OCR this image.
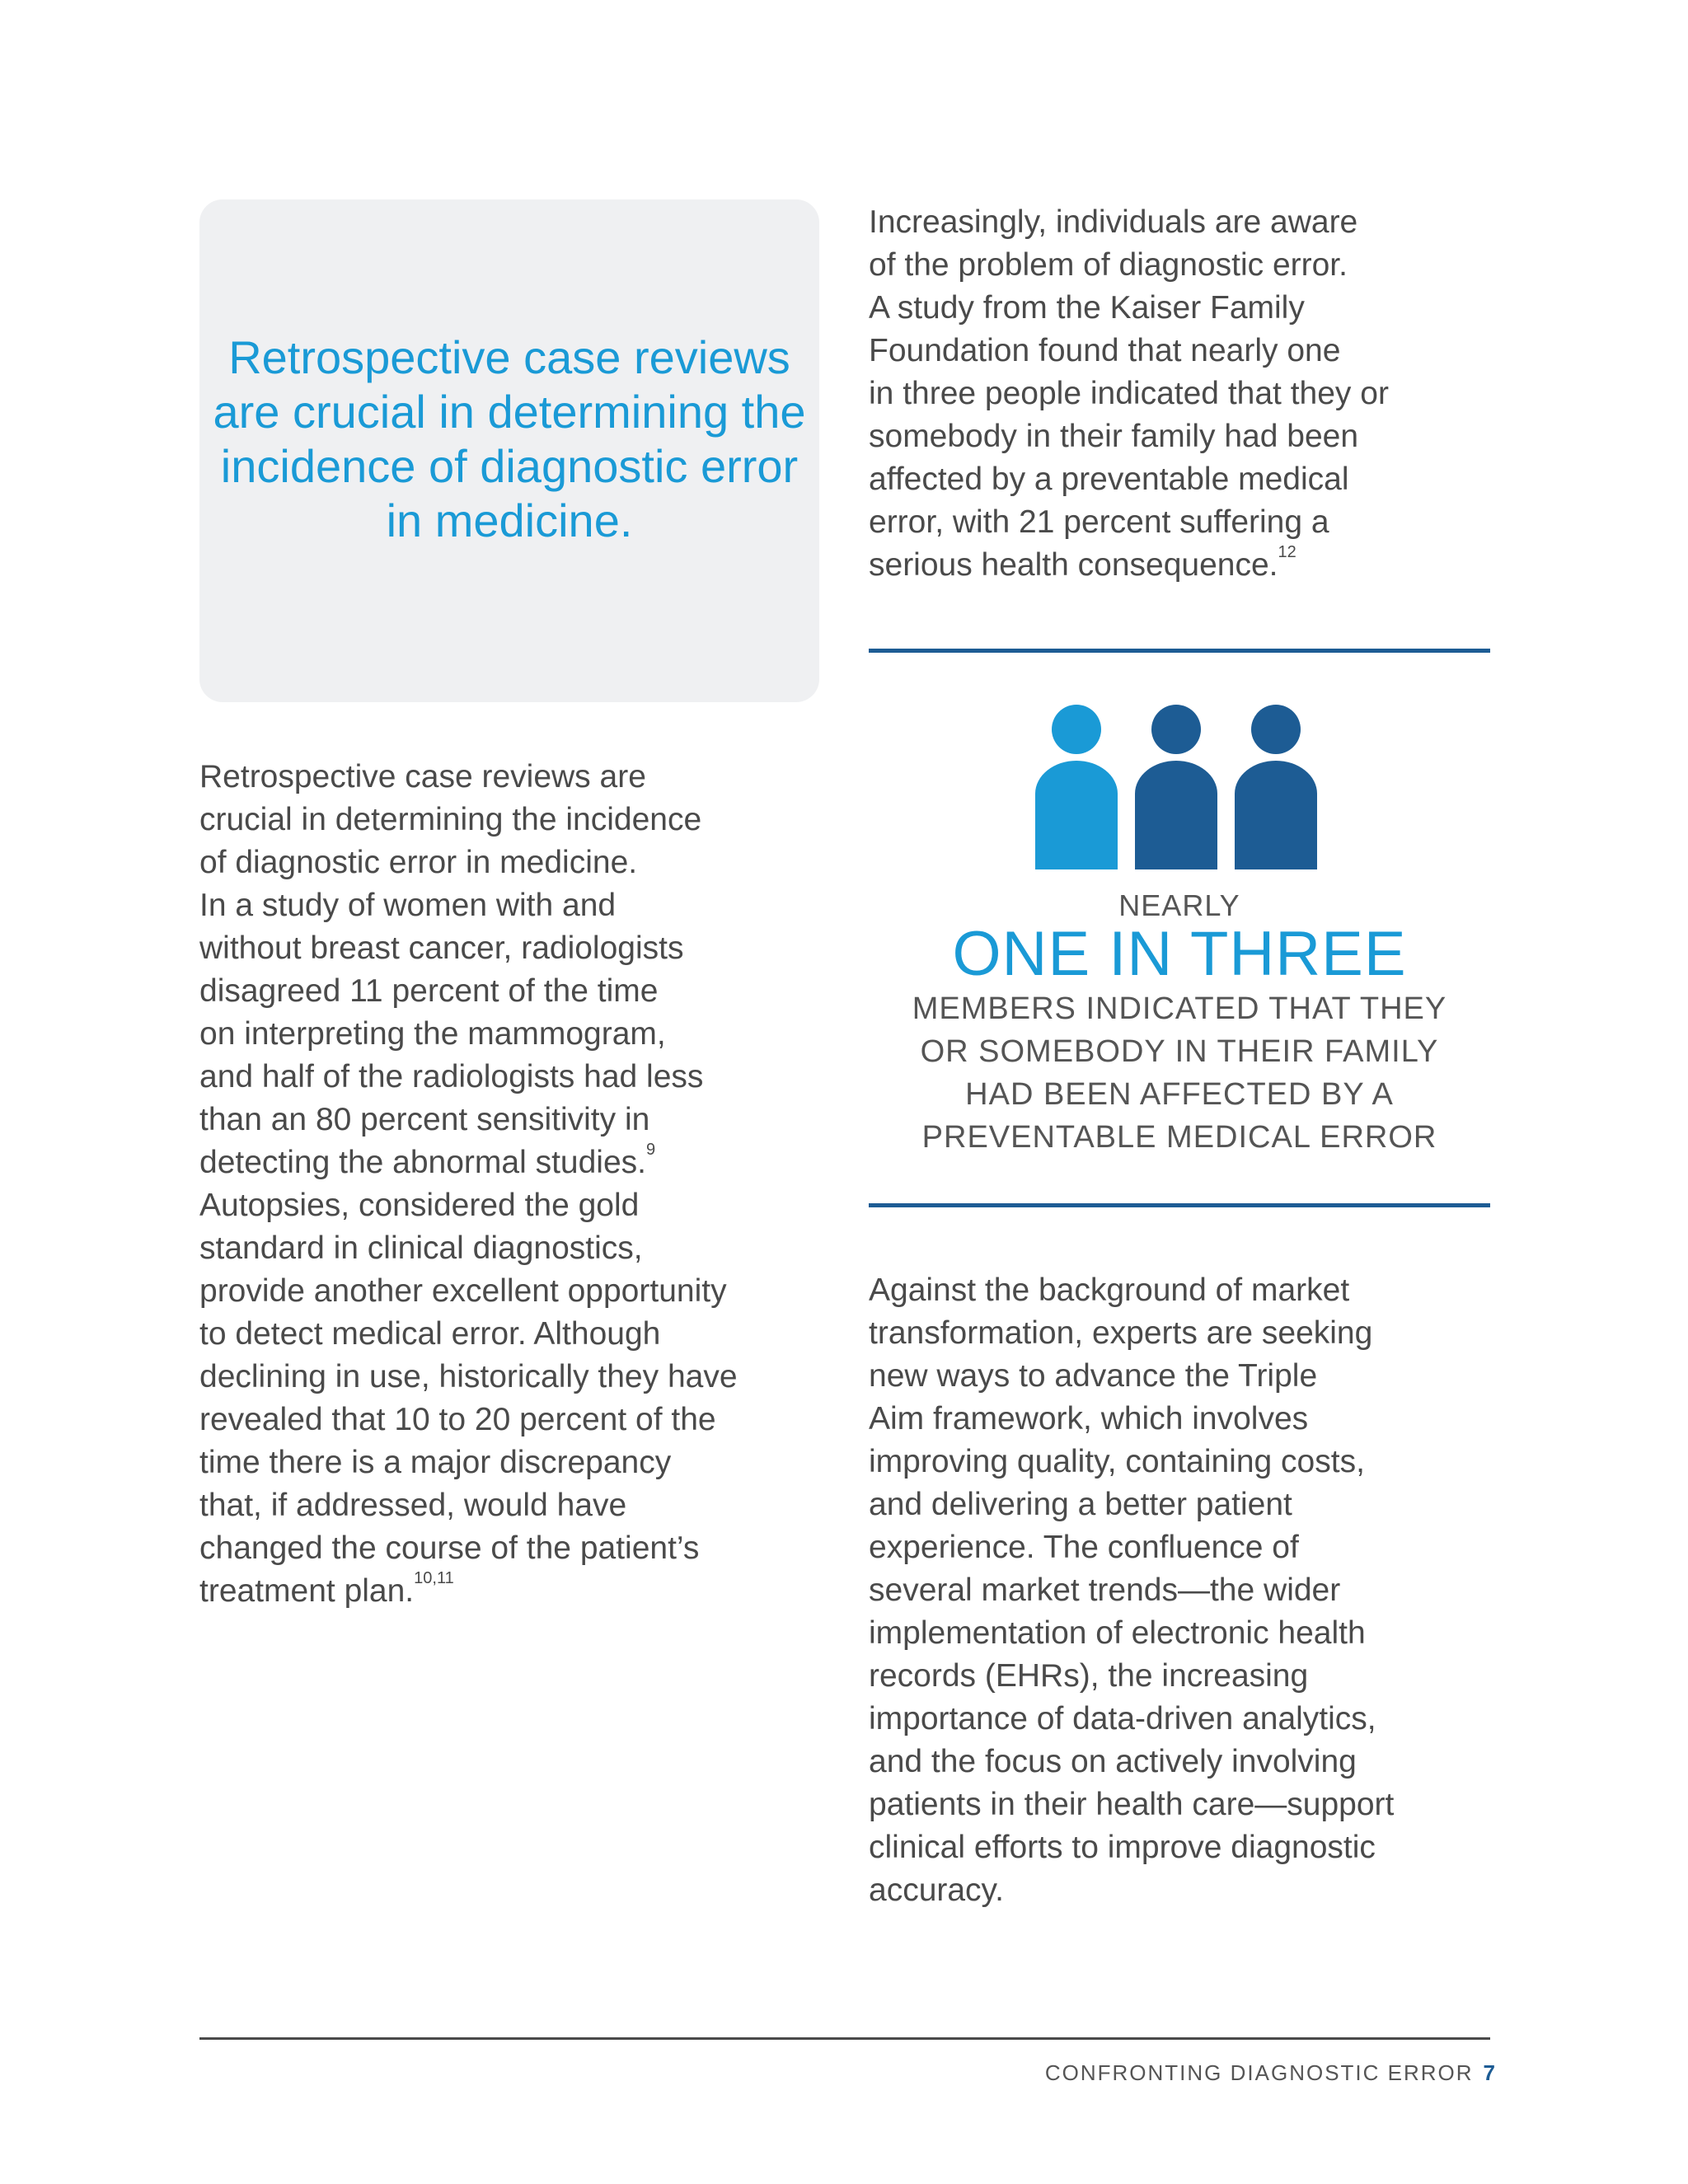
Retrospective case reviews are crucial in determining the incidence of diagnostic error in medicine.

Increasingly, individuals are aware
of the problem of diagnostic error.
A study from the Kaiser Family
Foundation found that nearly one
in three people indicated that they or
somebody in their family had been
affected by a preventable medical
error, with 21 percent suffering a
serious health consequence.$^{12}$

NEARLY

ONE IN THREE

MEMBERS INDICATED THAT THEY
OR SOMEBODY IN THEIR FAMILY
HAD BEEN AFFECTED BY A
PREVENTABLE MEDICAL ERROR

Retrospective case reviews are
crucial in determining the incidence
of diagnostic error in medicine.
In a study of women with and
without breast cancer, radiologists
disagreed 11 percent of the time
on interpreting the mammogram,
and half of the radiologists had less
than an 80 percent sensitivity in
detecting the abnormal studies.$^9$
Autopsies, considered the gold
standard in clinical diagnostics,
provide another excellent opportunity
to detect medical error. Although
declining in use, historically they have
revealed that 10 to 20 percent of the
time there is a major discrepancy
that, if addressed, would have
changed the course of the patient’s
treatment plan.$^{10,11}$

Against the background of market
transformation, experts are seeking
new ways to advance the Triple
Aim framework, which involves
improving quality, containing costs,
and delivering a better patient
experience. The confluence of
several market trends—the wider
implementation of electronic health
records (EHRs), the increasing
importance of data-driven analytics,
and the focus on actively involving
patients in their health care—support
clinical efforts to improve diagnostic
accuracy.

CONFRONTING DIAGNOSTIC ERROR 7
